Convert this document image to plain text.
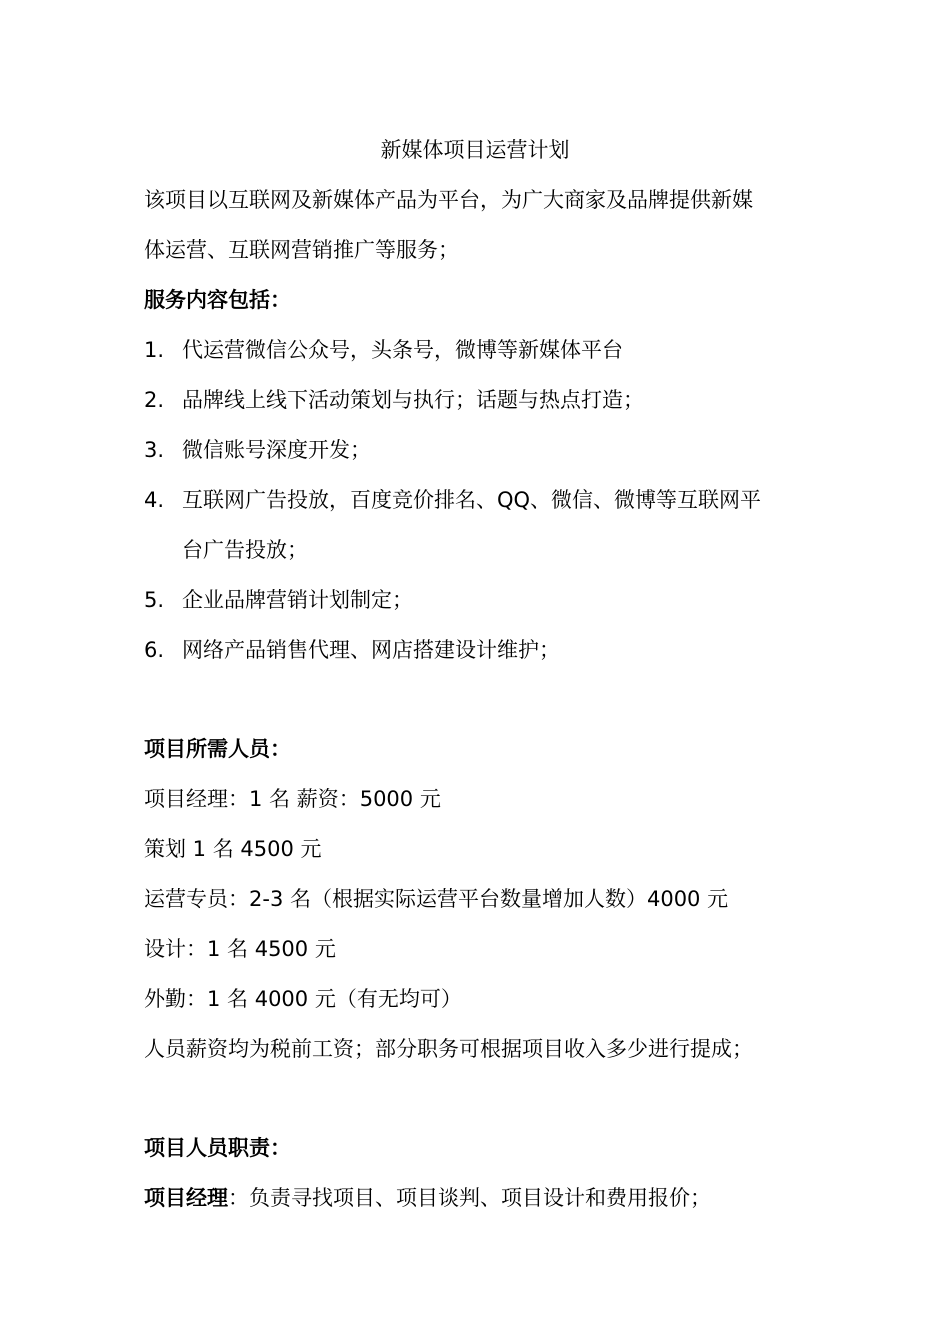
新媒体项目运营计划
该项目以互联网及新媒体产品为平台，为广大商家及品牌提供新媒
体运营、互联网营销推广等服务；
服务内容包括：
1. 代运营微信公众号，头条号，微博等新媒体平台
2. 品牌线上线下活动策划与执行；话题与热点打造；
3. 微信账号深度开发；
4. 互联网广告投放，百度竞价排名、QQ、微信、微博等互联网平
台广告投放；
5. 企业品牌营销计划制定；
6. 网络产品销售代理、网店搭建设计维护；
项目所需人员：
项目经理：1 名 薪资：5000 元
策划 1 名 4500 元
运营专员：2-3 名（根据实际运营平台数量增加人数）4000 元
设计：1 名 4500 元
外勤：1 名 4000 元（有无均可）
人员薪资均为税前工资；部分职务可根据项目收入多少进行提成；
项目人员职责：
项目经理：负责寻找项目、项目谈判、项目设计和费用报价；
